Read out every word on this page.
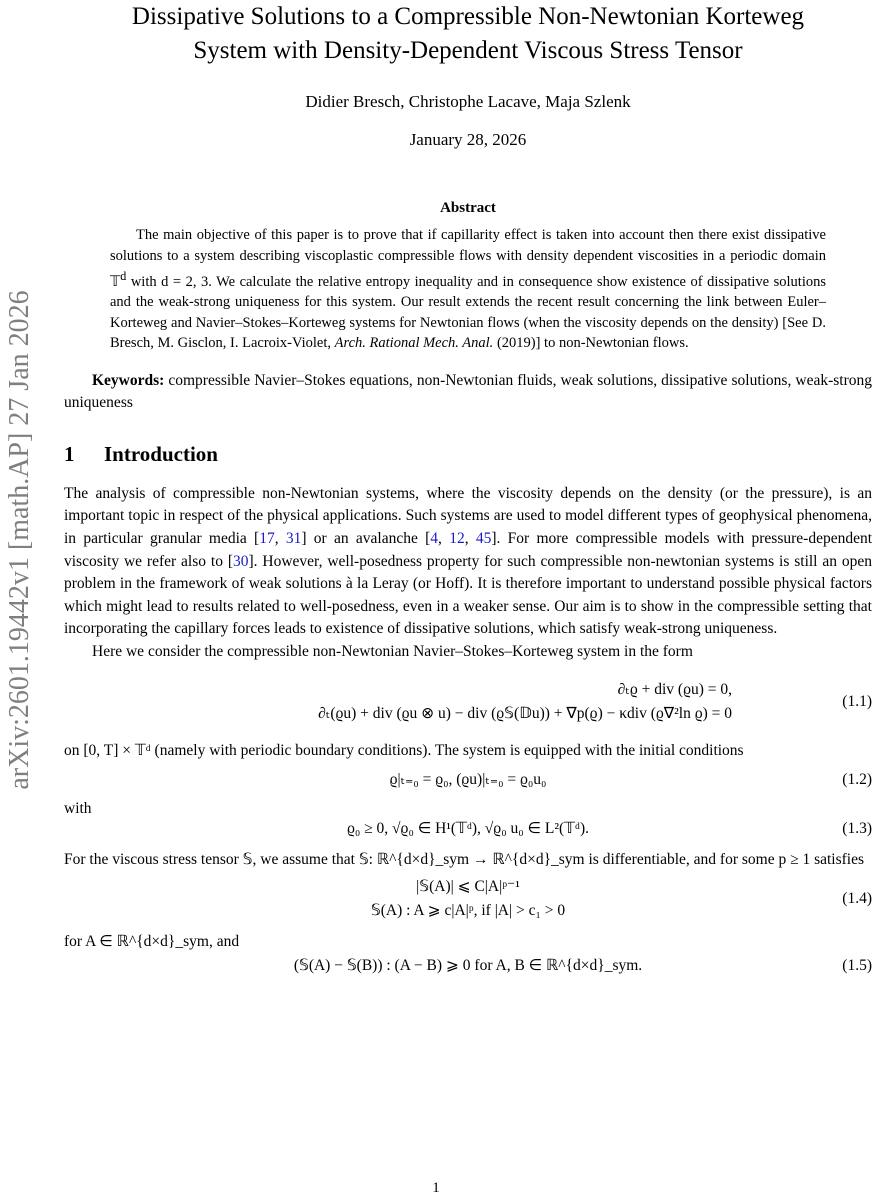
arXiv:2601.19442v1 [math.AP] 27 Jan 2026
Dissipative Solutions to a Compressible Non-Newtonian Korteweg
System with Density-Dependent Viscous Stress Tensor
Didier Bresch, Christophe Lacave, Maja Szlenk
January 28, 2026
Abstract
The main objective of this paper is to prove that if capillarity effect is taken into account then there exist dissipative solutions to a system describing viscoplastic compressible flows with density dependent viscosities in a periodic domain 𝕋$^d$ with d = 2, 3. We calculate the relative entropy inequality and in consequence show existence of dissipative solutions and the weak-strong uniqueness for this system. Our result extends the recent result concerning the link between Euler–Korteweg and Navier–Stokes–Korteweg systems for Newtonian flows (when the viscosity depends on the density) [See D. Bresch, M. Gisclon, I. Lacroix-Violet, Arch. Rational Mech. Anal. (2019)] to non-Newtonian flows.
Keywords: compressible Navier–Stokes equations, non-Newtonian fluids, weak solutions, dissipative solutions, weak-strong uniqueness
1 Introduction
The analysis of compressible non-Newtonian systems, where the viscosity depends on the density (or the pressure), is an important topic in respect of the physical applications. Such systems are used to model different types of geophysical phenomena, in particular granular media [17, 31] or an avalanche [4, 12, 45]. For more compressible models with pressure-dependent viscosity we refer also to [30]. However, well-posedness property for such compressible non-newtonian systems is still an open problem in the framework of weak solutions à la Leray (or Hoff). It is therefore important to understand possible physical factors which might lead to results related to well-posedness, even in a weaker sense. Our aim is to show in the compressible setting that incorporating the capillary forces leads to existence of dissipative solutions, which satisfy weak-strong uniqueness.
Here we consider the compressible non-Newtonian Navier–Stokes–Korteweg system in the form
∂ₜϱ + div (ϱu) = 0,
∂ₜ(ϱu) + div (ϱu ⊗ u) − div (ϱ𝕊(𝔻u)) + ∇p(ϱ) − κdiv (ϱ∇²ln ϱ) = 0
(1.1)
on [0, T] × 𝕋ᵈ (namely with periodic boundary conditions). The system is equipped with the initial conditions
ϱ|ₜ₌₀ = ϱ₀, (ϱu)|ₜ₌₀ = ϱ₀u₀	(1.2)
with
ϱ₀ ≥ 0, √ϱ₀ ∈ H¹(𝕋ᵈ), √ϱ₀ u₀ ∈ L²(𝕋ᵈ).	(1.3)
For the viscous stress tensor 𝕊, we assume that 𝕊: ℝ^{d×d}_sym → ℝ^{d×d}_sym is differentiable, and for some p ≥ 1 satisfies
|𝕊(A)| ⩽ C|A|ᵖ⁻¹
𝕊(A) : A ⩾ c|A|ᵖ, if |A| > c₁ > 0
(1.4)
for A ∈ ℝ^{d×d}_sym, and
(𝕊(A) − 𝕊(B)) : (A − B) ⩾ 0 for A, B ∈ ℝ^{d×d}_sym.	(1.5)
1
